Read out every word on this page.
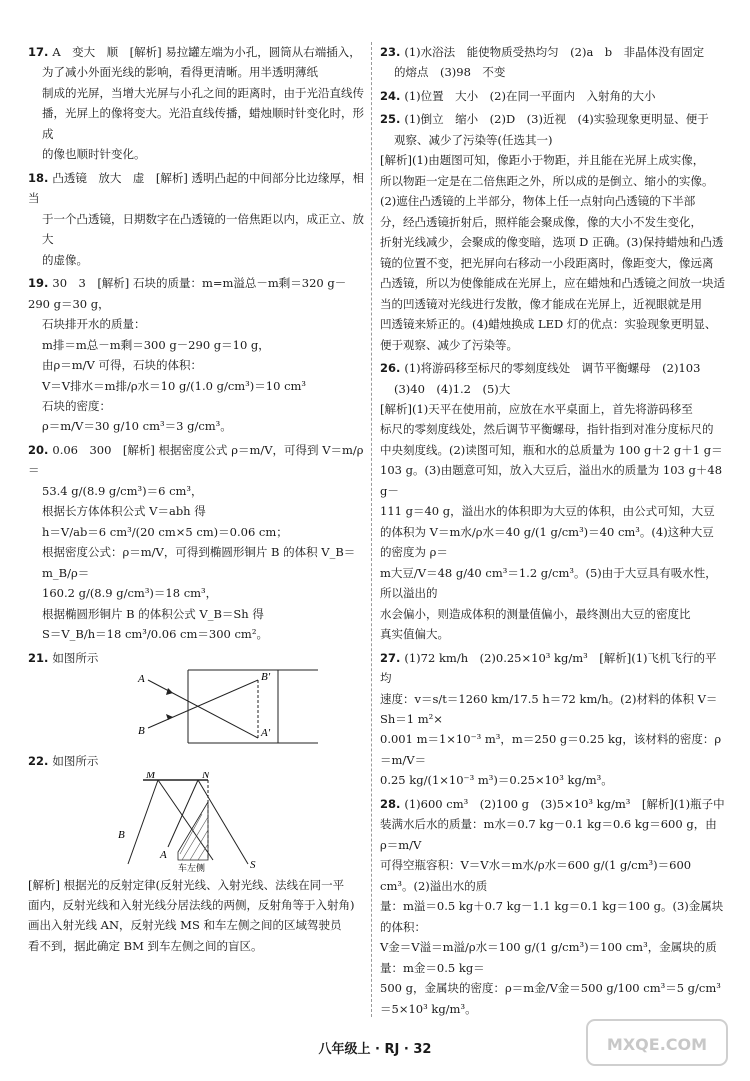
17. A　变大　顺　[解析] 易拉罐左端为小孔，圆筒从右端插入，
为了减小外面光线的影响，看得更清晰。用半透明薄纸
制成的光屏，当增大光屏与小孔之间的距离时，由于光沿直线传
播，光屏上的像将变大。光沿直线传播，蜡烛顺时针变化时，形成
的像也顺时针变化。
18. 凸透镜　放大　虚　[解析] 透明凸起的中间部分比边缘厚，相当
于一个凸透镜，日期数字在凸透镜的一倍焦距以内，成正立、放大
的虚像。
19. 30　3　[解析] 石块的质量：m=m溢总－m剩＝320 g－290 g＝30 g，
石块排开水的质量：
m排＝m总－m剩＝300 g－290 g＝10 g，
由ρ＝m/V 可得，石块的体积：
V＝V排水＝m排/ρ水＝10 g/(1.0 g/cm³)＝10 cm³
石块的密度：
ρ＝m/V＝30 g/10 cm³＝3 g/cm³。
20. 0.06　300　[解析] 根据密度公式 ρ＝m/V，可得到 V＝m/ρ＝
53.4 g/(8.9 g/cm³)＝6 cm³，
根据长方体体积公式 V＝abh 得
h＝V/ab＝6 cm³/(20 cm×5 cm)＝0.06 cm；
根据密度公式：ρ＝m/V，可得到椭圆形铜片 B 的体积 V_B＝m_B/ρ＝
160.2 g/(8.9 g/cm³)＝18 cm³，
根据椭圆形铜片 B 的体积公式 V_B＝Sh 得
S＝V_B/h＝18 cm³/0.06 cm＝300 cm²。
21. 如图所示
A
B
B′
A′
22. 如图所示
M	N
A
B
S
车左侧
[解析] 根据光的反射定律(反射光线、入射光线、法线在同一平
面内，反射光线和入射光线分居法线的两侧，反射角等于入射角)
画出入射光线 AN，反射光线 MS 和车左侧之间的区域驾驶员
看不到，据此确定 BM 到车左侧之间的盲区。
23. (1)水浴法　能使物质受热均匀　(2)a　b　非晶体没有固定
的熔点　(3)98　不变
24. (1)位置　大小　(2)在同一平面内　入射角的大小
25. (1)倒立　缩小　(2)D　(3)近视　(4)实验现象更明显、便于
观察、减少了污染等(任选其一)
[解析](1)由题图可知，像距小于物距，并且能在光屏上成实像，
所以物距一定是在二倍焦距之外，所以成的是倒立、缩小的实像。
(2)遮住凸透镜的上半部分，物体上任一点射向凸透镜的下半部
分，经凸透镜折射后，照样能会聚成像，像的大小不发生变化，
折射光线减少，会聚成的像变暗，选项 D 正确。(3)保持蜡烛和凸透
镜的位置不变，把光屏向右移动一小段距离时，像距变大，像远离
凸透镜，所以为使像能成在光屏上，应在蜡烛和凸透镜之间放一块适
当的凹透镜对光线进行发散，像才能成在光屏上，近视眼就是用
凹透镜来矫正的。(4)蜡烛换成 LED 灯的优点：实验现象更明显、
便于观察、减少了污染等。
26. (1)将游码移至标尺的零刻度线处　调节平衡螺母　(2)103
(3)40　(4)1.2　(5)大
[解析](1)天平在使用前，应放在水平桌面上，首先将游码移至
标尺的零刻度线处，然后调节平衡螺母，指针指到对准分度标尺的
中央刻度线。(2)读图可知，瓶和水的总质量为 100 g＋2 g＋1 g＝
103 g。(3)由题意可知，放入大豆后，溢出水的质量为 103 g＋48 g－
111 g＝40 g，溢出水的体积即为大豆的体积，由公式可知，大豆
的体积为 V＝m水/ρ水＝40 g/(1 g/cm³)＝40 cm³。(4)这种大豆的密度为 ρ＝
m大豆/V＝48 g/40 cm³＝1.2 g/cm³。(5)由于大豆具有吸水性，所以溢出的
水会偏小，则造成体积的测量值偏小，最终测出大豆的密度比
真实值偏大。
27. (1)72 km/h　(2)0.25×10³ kg/m³　[解析](1)飞机飞行的平均
速度：v＝s/t＝1260 km/17.5 h＝72 km/h。(2)材料的体积 V＝Sh＝1 m²×
0.001 m＝1×10⁻³ m³，m＝250 g＝0.25 kg，该材料的密度：ρ＝m/V＝
0.25 kg/(1×10⁻³ m³)＝0.25×10³ kg/m³。
28. (1)600 cm³　(2)100 g　(3)5×10³ kg/m³　[解析](1)瓶子中
装满水后水的质量：m水＝0.7 kg－0.1 kg＝0.6 kg＝600 g，由 ρ＝m/V
可得空瓶容积：V＝V水＝m水/ρ水＝600 g/(1 g/cm³)＝600 cm³。(2)溢出水的质
量：m溢＝0.5 kg＋0.7 kg－1.1 kg＝0.1 kg＝100 g。(3)金属块的体积：
V金＝V溢＝m溢/ρ水＝100 g/(1 g/cm³)＝100 cm³，金属块的质量：m金＝0.5 kg＝
500 g，金属块的密度：ρ＝m金/V金＝500 g/100 cm³＝5 g/cm³＝5×10³ kg/m³。
八年级上 · RJ · 32	MXQE.COM
